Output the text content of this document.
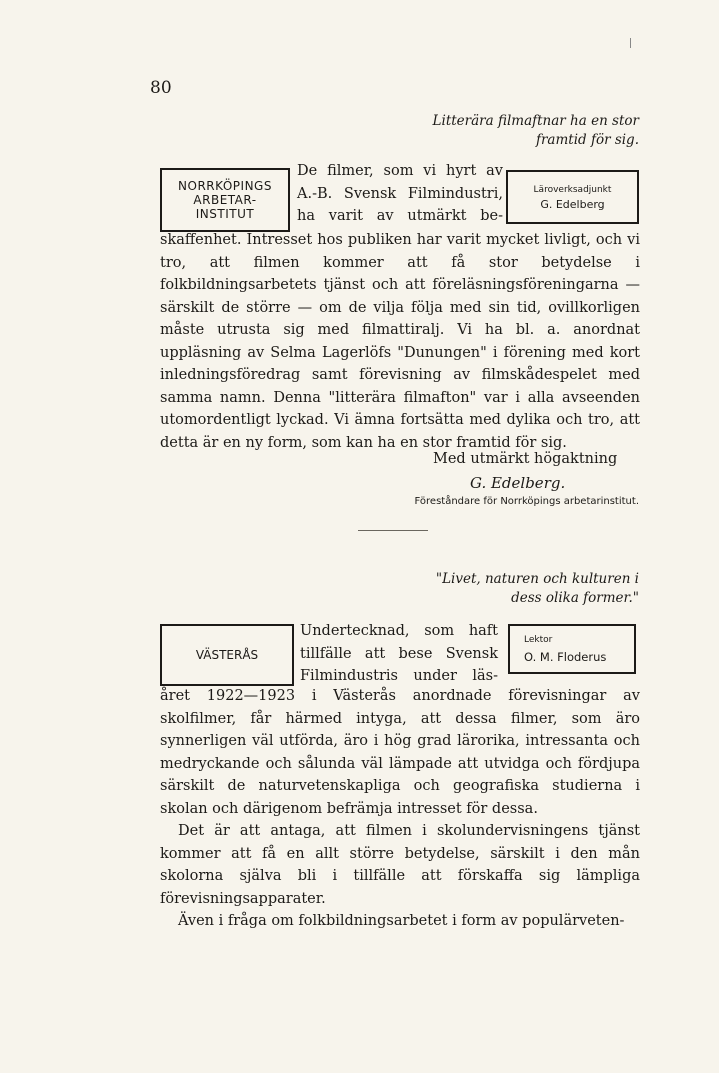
80
Litterära filmaftnar ha en stor
framtid för sig.
NORRKÖPINGS
ARBETAR-
INSTITUT
De filmer, som vi hyrt av
A.-B. Svensk Filmindustri,
ha varit av utmärkt be-
Läroverksadjunkt
G. Edelberg

skaffenhet. Intresset hos publiken har varit mycket livligt, och vi tro, att filmen kommer att få stor betydelse i folkbildningsarbetets tjänst och att föreläsningsföreningarna — särskilt de större — om de vilja följa med sin tid, ovillkorligen måste utrusta sig med filmattiralj. Vi ha bl. a. anordnat uppläsning av Selma Lagerlöfs "Dunungen" i förening med kort inledningsföredrag samt förevisning av filmskådespelet med samma namn. Denna "litterära filmafton" var i alla avseenden utomordentligt lyckad. Vi ämna fortsätta med dylika och tro, att detta är en ny form, som kan ha en stor framtid för sig.

Med utmärkt högaktning
G. Edelberg.
Föreståndare för Norrköpings arbetarinstitut.
"Livet, naturen och kulturen i
dess olika former."
VÄSTERÅS
Undertecknad, som haft
tillfälle att bese Svensk
Filmindustris under läs-
Lektor
O. M. Floderus

året 1922—1923 i Västerås anordnade förevisningar av skolfilmer, får härmed intyga, att dessa filmer, som äro synnerligen väl utförda, äro i hög grad lärorika, intressanta och medryckande och sålunda väl lämpade att utvidga och fördjupa särskilt de naturvetenskapliga och geografiska studierna i skolan och därigenom befrämja intresset för dessa.

Det är att antaga, att filmen i skolundervisningens tjänst kommer att få en allt större betydelse, särskilt i den mån skolorna själva bli i tillfälle att förskaffa sig lämpliga förevisningsapparater.

Även i fråga om folkbildningsarbetet i form av populärveten-
